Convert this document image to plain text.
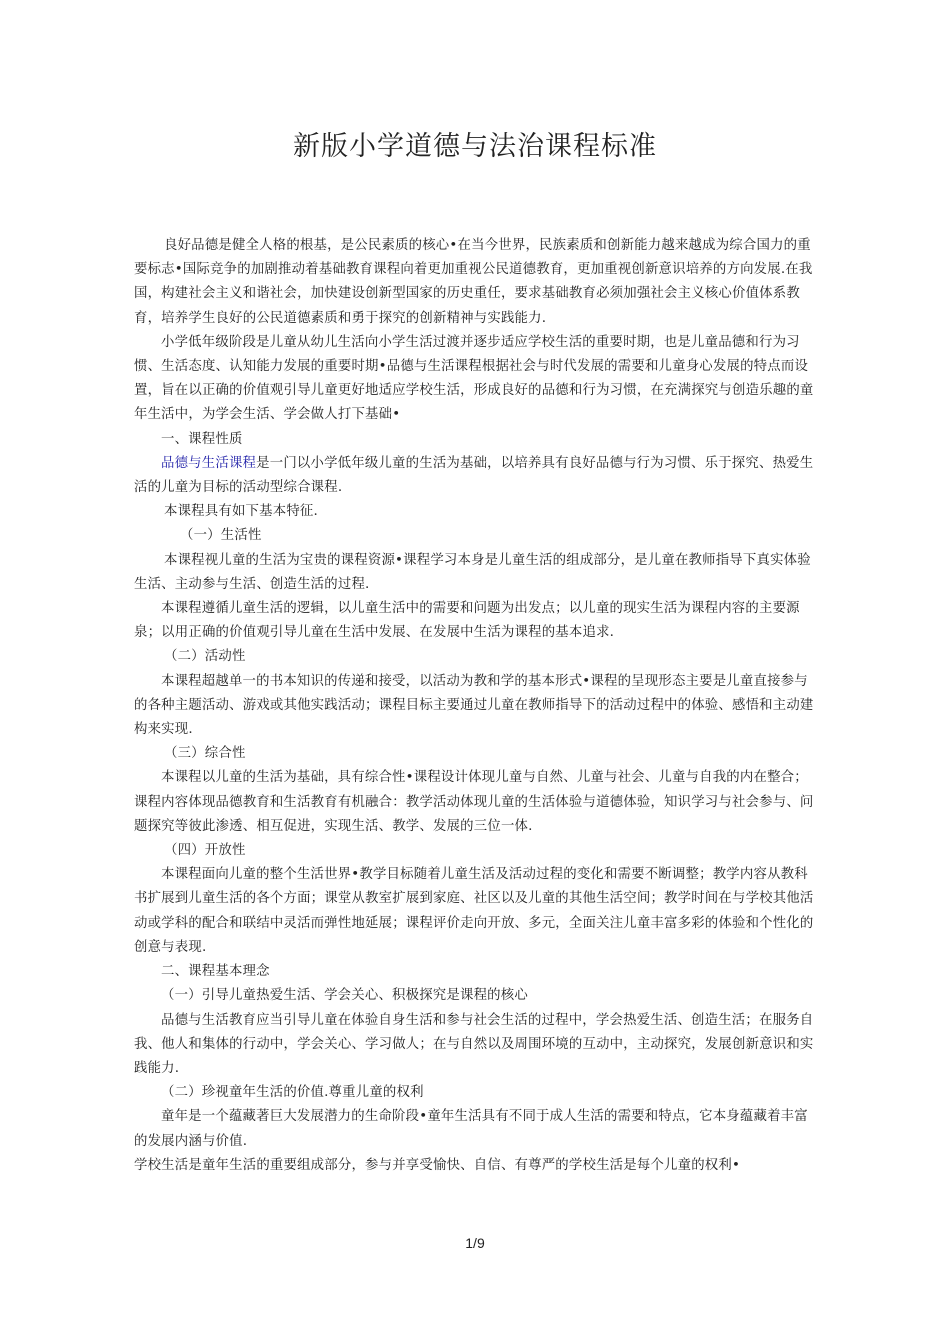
新版小学道德与法治课程标准

良好品德是健全人格的根基，是公民素质的核心•在当今世界，民族素质和创新能力越来越成为综合国力的重要标志•国际竞争的加剧推动着基础教育课程向着更加重视公民道德教育，更加重视创新意识培养的方向发展.在我国，构建社会主义和谐社会，加快建设创新型国家的历史重任，要求基础教育必须加强社会主义核心价值体系教育，培养学生良好的公民道德素质和勇于探究的创新精神与实践能力.

小学低年级阶段是儿童从幼儿生活向小学生活过渡并逐步适应学校生活的重要时期，也是儿童品德和行为习惯、生活态度、认知能力发展的重要时期•品德与生活课程根据社会与时代发展的需要和儿童身心发展的特点而设置，旨在以正确的价值观引导儿童更好地适应学校生活，形成良好的品德和行为习惯，在充满探究与创造乐趣的童年生活中，为学会生活、学会做人打下基础•

一、课程性质

品德与生活课程是一门以小学低年级儿童的生活为基础，以培养具有良好品德与行为习惯、乐于探究、热爱生活的儿童为目标的活动型综合课程.

本课程具有如下基本特征.

（一）生活性

本课程视儿童的生活为宝贵的课程资源•课程学习本身是儿童生活的组成部分，是儿童在教师指导下真实体验生活、主动参与生活、创造生活的过程.

本课程遵循儿童生活的逻辑，以儿童生活中的需要和问题为出发点；以儿童的现实生活为课程内容的主要源泉；以用正确的价值观引导儿童在生活中发展、在发展中生活为课程的基本追求.

（二）活动性

本课程超越单一的书本知识的传递和接受，以活动为教和学的基本形式•课程的呈现形态主要是儿童直接参与的各种主题活动、游戏或其他实践活动；课程目标主要通过儿童在教师指导下的活动过程中的体验、感悟和主动建构来实现.

（三）综合性

本课程以儿童的生活为基础，具有综合性•课程设计体现儿童与自然、儿童与社会、儿童与自我的内在整合；课程内容体现品德教育和生活教育有机融合：教学活动体现儿童的生活体验与道德体验，知识学习与社会参与、问题探究等彼此渗透、相互促进，实现生活、教学、发展的三位一体.

（四）开放性

本课程面向儿童的整个生活世界•教学目标随着儿童生活及活动过程的变化和需要不断调整；教学内容从教科书扩展到儿童生活的各个方面；课堂从教室扩展到家庭、社区以及儿童的其他生活空间；教学时间在与学校其他活动或学科的配合和联结中灵活而弹性地延展；课程评价走向开放、多元，全面关注儿童丰富多彩的体验和个性化的创意与表现.

二、课程基本理念

（一）引导儿童热爱生活、学会关心、积极探究是课程的核心

品德与生活教育应当引导儿童在体验自身生活和参与社会生活的过程中，学会热爱生活、创造生活；在服务自我、他人和集体的行动中，学会关心、学习做人；在与自然以及周围环境的互动中，主动探究，发展创新意识和实践能力.

（二）珍视童年生活的价值.尊重儿童的权利

童年是一个蕴藏著巨大发展潜力的生命阶段•童年生活具有不同于成人生活的需要和特点，它本身蕴藏着丰富的发展内涵与价值.

学校生活是童年生活的重要组成部分，参与并享受愉快、自信、有尊严的学校生活是每个儿童的权利•

1/9
